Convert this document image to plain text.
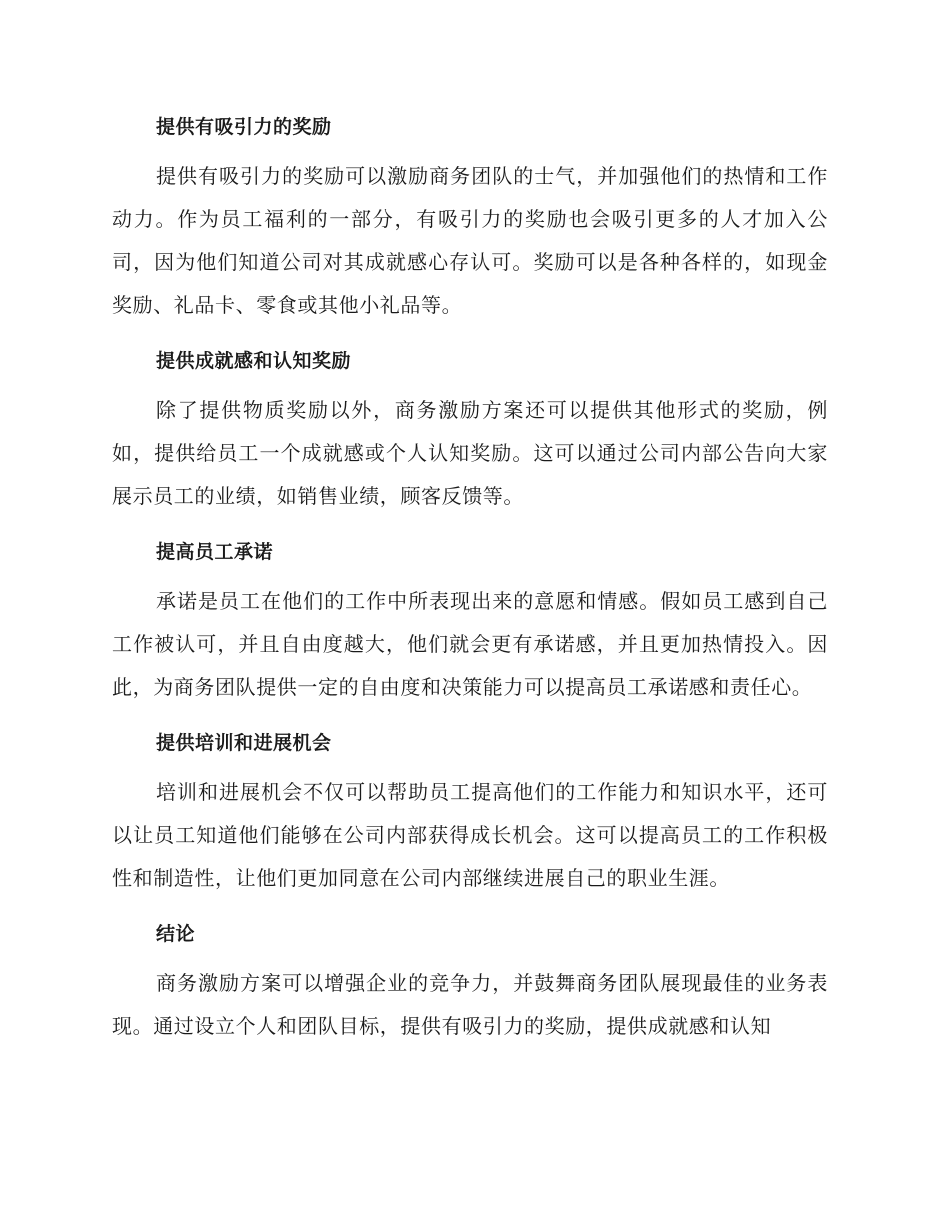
提供有吸引力的奖励

提供有吸引力的奖励可以激励商务团队的士气，并加强他们的热情和工作动力。作为员工福利的一部分，有吸引力的奖励也会吸引更多的人才加入公司，因为他们知道公司对其成就感心存认可。奖励可以是各种各样的，如现金奖励、礼品卡、零食或其他小礼品等。

提供成就感和认知奖励

除了提供物质奖励以外，商务激励方案还可以提供其他形式的奖励，例如，提供给员工一个成就感或个人认知奖励。这可以通过公司内部公告向大家展示员工的业绩，如销售业绩，顾客反馈等。

提高员工承诺

承诺是员工在他们的工作中所表现出来的意愿和情感。假如员工感到自己工作被认可，并且自由度越大，他们就会更有承诺感，并且更加热情投入。因此，为商务团队提供一定的自由度和决策能力可以提高员工承诺感和责任心。

提供培训和进展机会

培训和进展机会不仅可以帮助员工提高他们的工作能力和知识水平，还可以让员工知道他们能够在公司内部获得成长机会。这可以提高员工的工作积极性和制造性，让他们更加同意在公司内部继续进展自己的职业生涯。

结论

商务激励方案可以增强企业的竞争力，并鼓舞商务团队展现最佳的业务表现。通过设立个人和团队目标，提供有吸引力的奖励，提供成就感和认知
